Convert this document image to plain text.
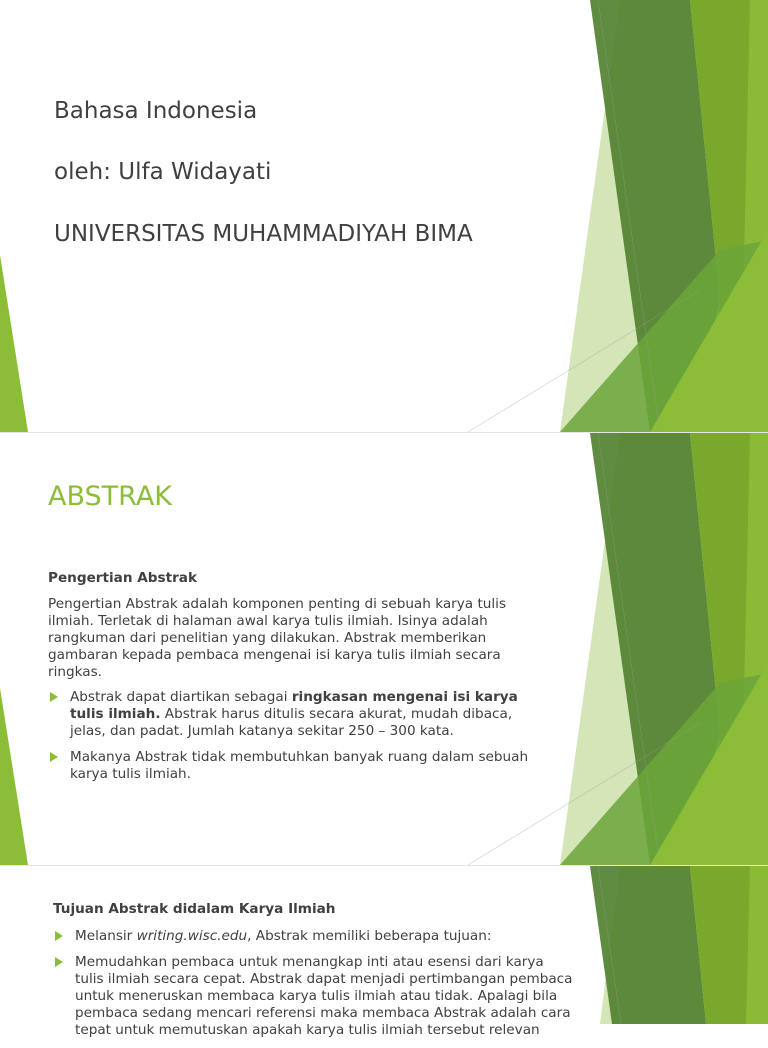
Bahasa Indonesia
oleh: Ulfa Widayati
UNIVERSITAS MUHAMMADIYAH BIMA
ABSTRAK

Pengertian Abstrak

Pengertian Abstrak adalah komponen penting di sebuah karya tulis ilmiah. Terletak di halaman awal karya tulis ilmiah. Isinya adalah rangkuman dari penelitian yang dilakukan. Abstrak memberikan gambaran kepada pembaca mengenai isi karya tulis ilmiah secara ringkas.

Abstrak dapat diartikan sebagai ringkasan mengenai isi karya tulis ilmiah. Abstrak harus ditulis secara akurat, mudah dibaca, jelas, dan padat. Jumlah katanya sekitar 250 – 300 kata.
Makanya Abstrak tidak membutuhkan banyak ruang dalam sebuah karya tulis ilmiah.

Tujuan Abstrak didalam Karya Ilmiah

Melansir writing.wisc.edu, Abstrak memiliki beberapa tujuan:
Memudahkan pembaca untuk menangkap inti atau esensi dari karya tulis ilmiah secara cepat. Abstrak dapat menjadi pertimbangan pembaca untuk meneruskan membaca karya tulis ilmiah atau tidak. Apalagi bila pembaca sedang mencari referensi maka membaca Abstrak adalah cara tepat untuk memutuskan apakah karya tulis ilmiah tersebut relevan
